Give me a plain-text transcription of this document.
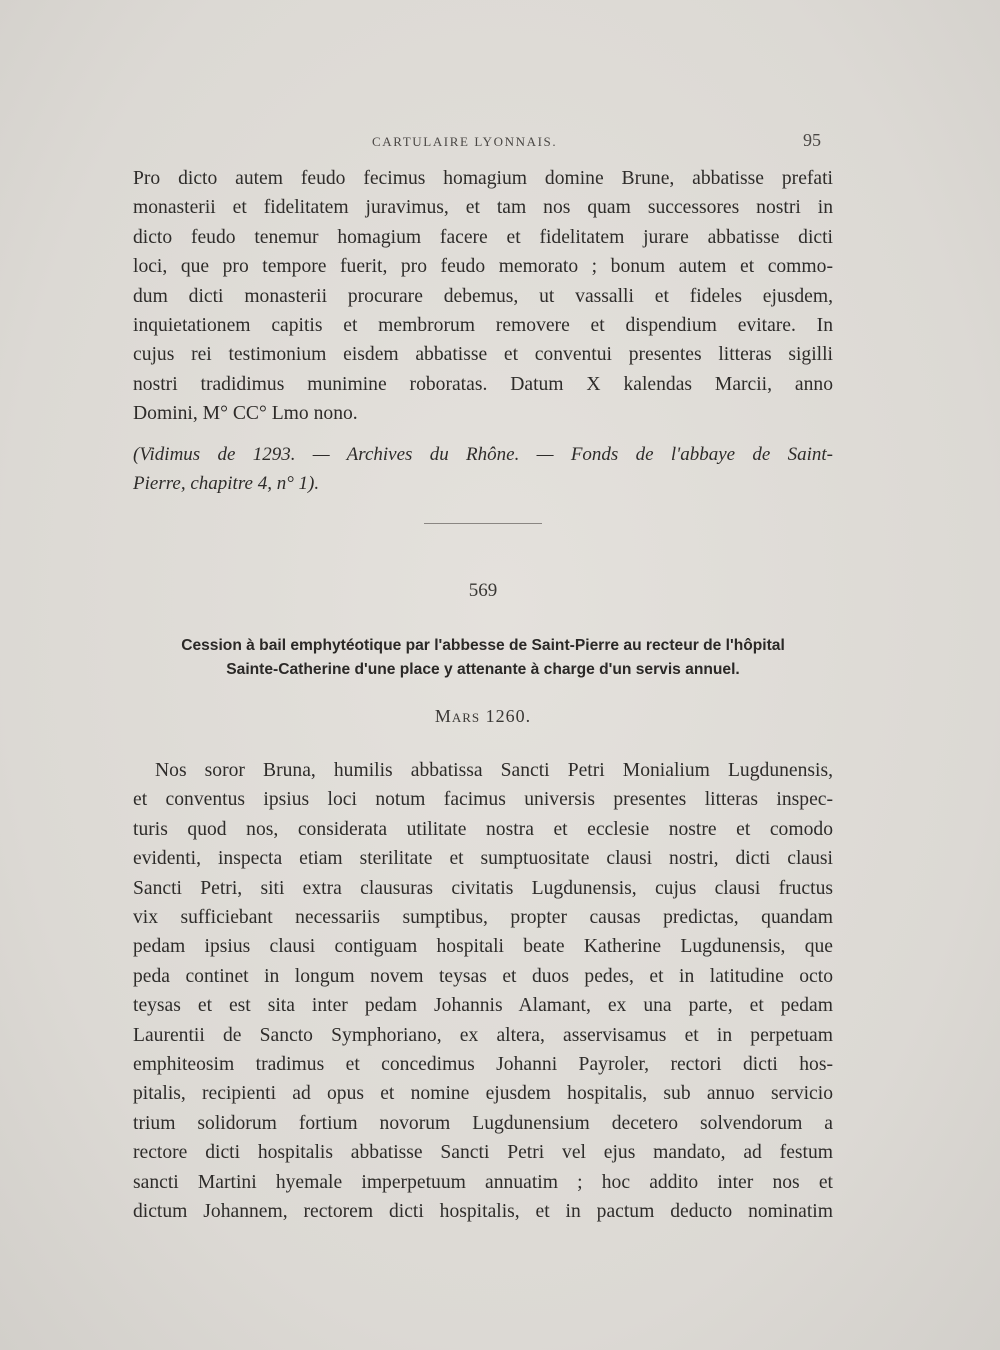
CARTULAIRE LYONNAIS.	95
Pro dicto autem feudo fecimus homagium domine Brune, abbatisse prefati
monasterii et fidelitatem juravimus, et tam nos quam successores nostri in
dicto feudo tenemur homagium facere et fidelitatem jurare abbatisse dicti
loci, que pro tempore fuerit, pro feudo memorato ; bonum autem et commo-
dum dicti monasterii procurare debemus, ut vassalli et fideles ejusdem,
inquietationem capitis et membrorum removere et dispendium evitare. In
cujus rei testimonium eisdem abbatisse et conventui presentes litteras sigilli
nostri tradidimus munimine roboratas. Datum X kalendas Marcii, anno
Domini, M° CC° Lmo nono.
(Vidimus de 1293. — Archives du Rhône. — Fonds de l'abbaye de Saint-
Pierre, chapitre 4, n° 1).
569
Cession à bail emphytéotique par l'abbesse de Saint-Pierre au recteur de l'hôpital
Sainte-Catherine d'une place y attenante à charge d'un servis annuel.
Mars 1260.
Nos soror Bruna, humilis abbatissa Sancti Petri Monialium Lugdunensis,
et conventus ipsius loci notum facimus universis presentes litteras inspec-
turis quod nos, considerata utilitate nostra et ecclesie nostre et comodo
evidenti, inspecta etiam sterilitate et sumptuositate clausi nostri, dicti clausi
Sancti Petri, siti extra clausuras civitatis Lugdunensis, cujus clausi fructus
vix sufficiebant necessariis sumptibus, propter causas predictas, quandam
pedam ipsius clausi contiguam hospitali beate Katherine Lugdunensis, que
peda continet in longum novem teysas et duos pedes, et in latitudine octo
teysas et est sita inter pedam Johannis Alamant, ex una parte, et pedam
Laurentii de Sancto Symphoriano, ex altera, asservisamus et in perpetuam
emphiteosim tradimus et concedimus Johanni Payroler, rectori dicti hos-
pitalis, recipienti ad opus et nomine ejusdem hospitalis, sub annuo servicio
trium solidorum fortium novorum Lugdunensium decetero solvendorum a
rectore dicti hospitalis abbatisse Sancti Petri vel ejus mandato, ad festum
sancti Martini hyemale imperpetuum annuatim ; hoc addito inter nos et
dictum Johannem, rectorem dicti hospitalis, et in pactum deducto nominatim
